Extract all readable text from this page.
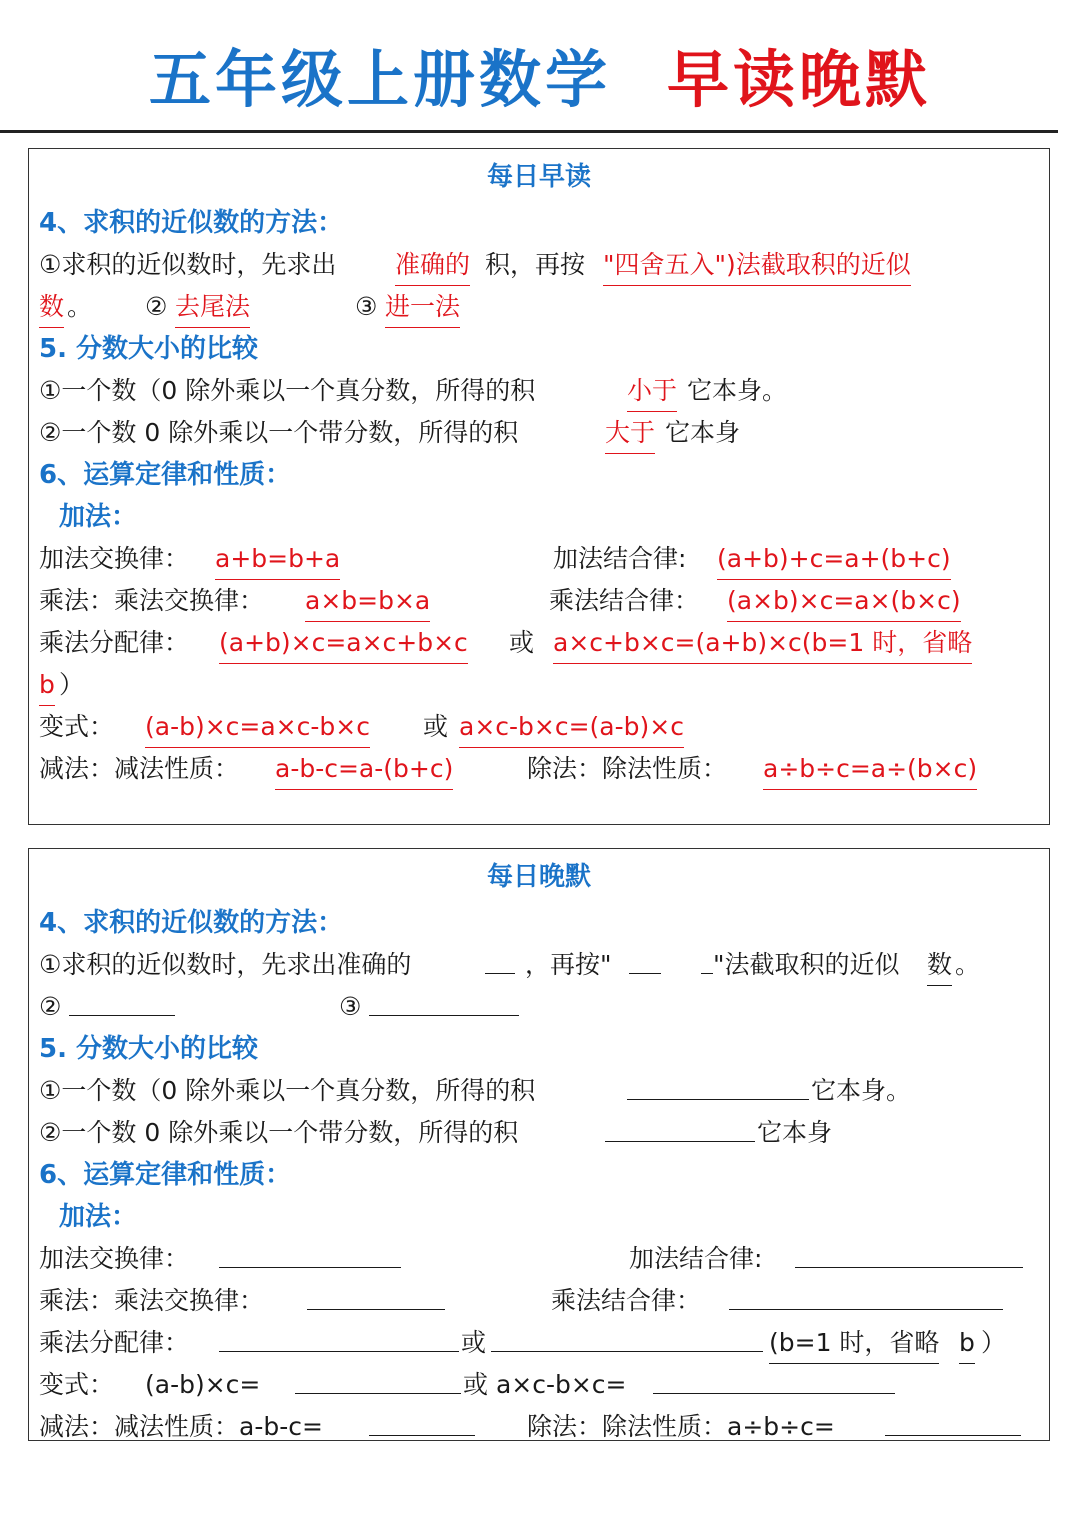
五年级上册数学 早读晚默
每日早读
4、求积的近似数的方法：
①求积的近似数时，先求出 准确的 积，再按 "四舍五入")法截取积的近似
数 。 ② 去尾法	③ 进一法
5. 分数大小的比较
①一个数（0 除外乘以一个真分数，所得的积	小于 它本身。
②一个数 0 除外乘以一个带分数，所得的积	大于 它本身
6、运算定律和性质：
加法：
加法交换律： a+b=b+a	加法结合律: (a+b)+c=a+(b+c)
乘法：乘法交换律： a×b=b×a	乘法结合律： (a×b)×c=a×(b×c)
乘法分配律： (a+b)×c=a×c+b×c 或 a×c+b×c=(a+b)×c(b=1 时，省略
b ）
变式： (a-b)×c=a×c-b×c 或 a×c-b×c=(a-b)×c
减法：减法性质： a-b-c=a-(b+c)	除法：除法性质： a÷b÷c=a÷(b×c)
每日晚默
4、求积的近似数的方法：
①求积的近似数时，先求出准确的	，再按"	"法截取积的近似 数 。
②	③
5. 分数大小的比较
①一个数（0 除外乘以一个真分数，所得的积	它本身。
②一个数 0 除外乘以一个带分数，所得的积	它本身
6、运算定律和性质：
加法：
加法交换律：	加法结合律:
乘法：乘法交换律：	乘法结合律：
乘法分配律：	或	(b=1 时，省略 b ）
变式： (a-b)×c=	或 a×c-b×c=
减法：减法性质：a-b-c=	除法：除法性质：a÷b÷c=
